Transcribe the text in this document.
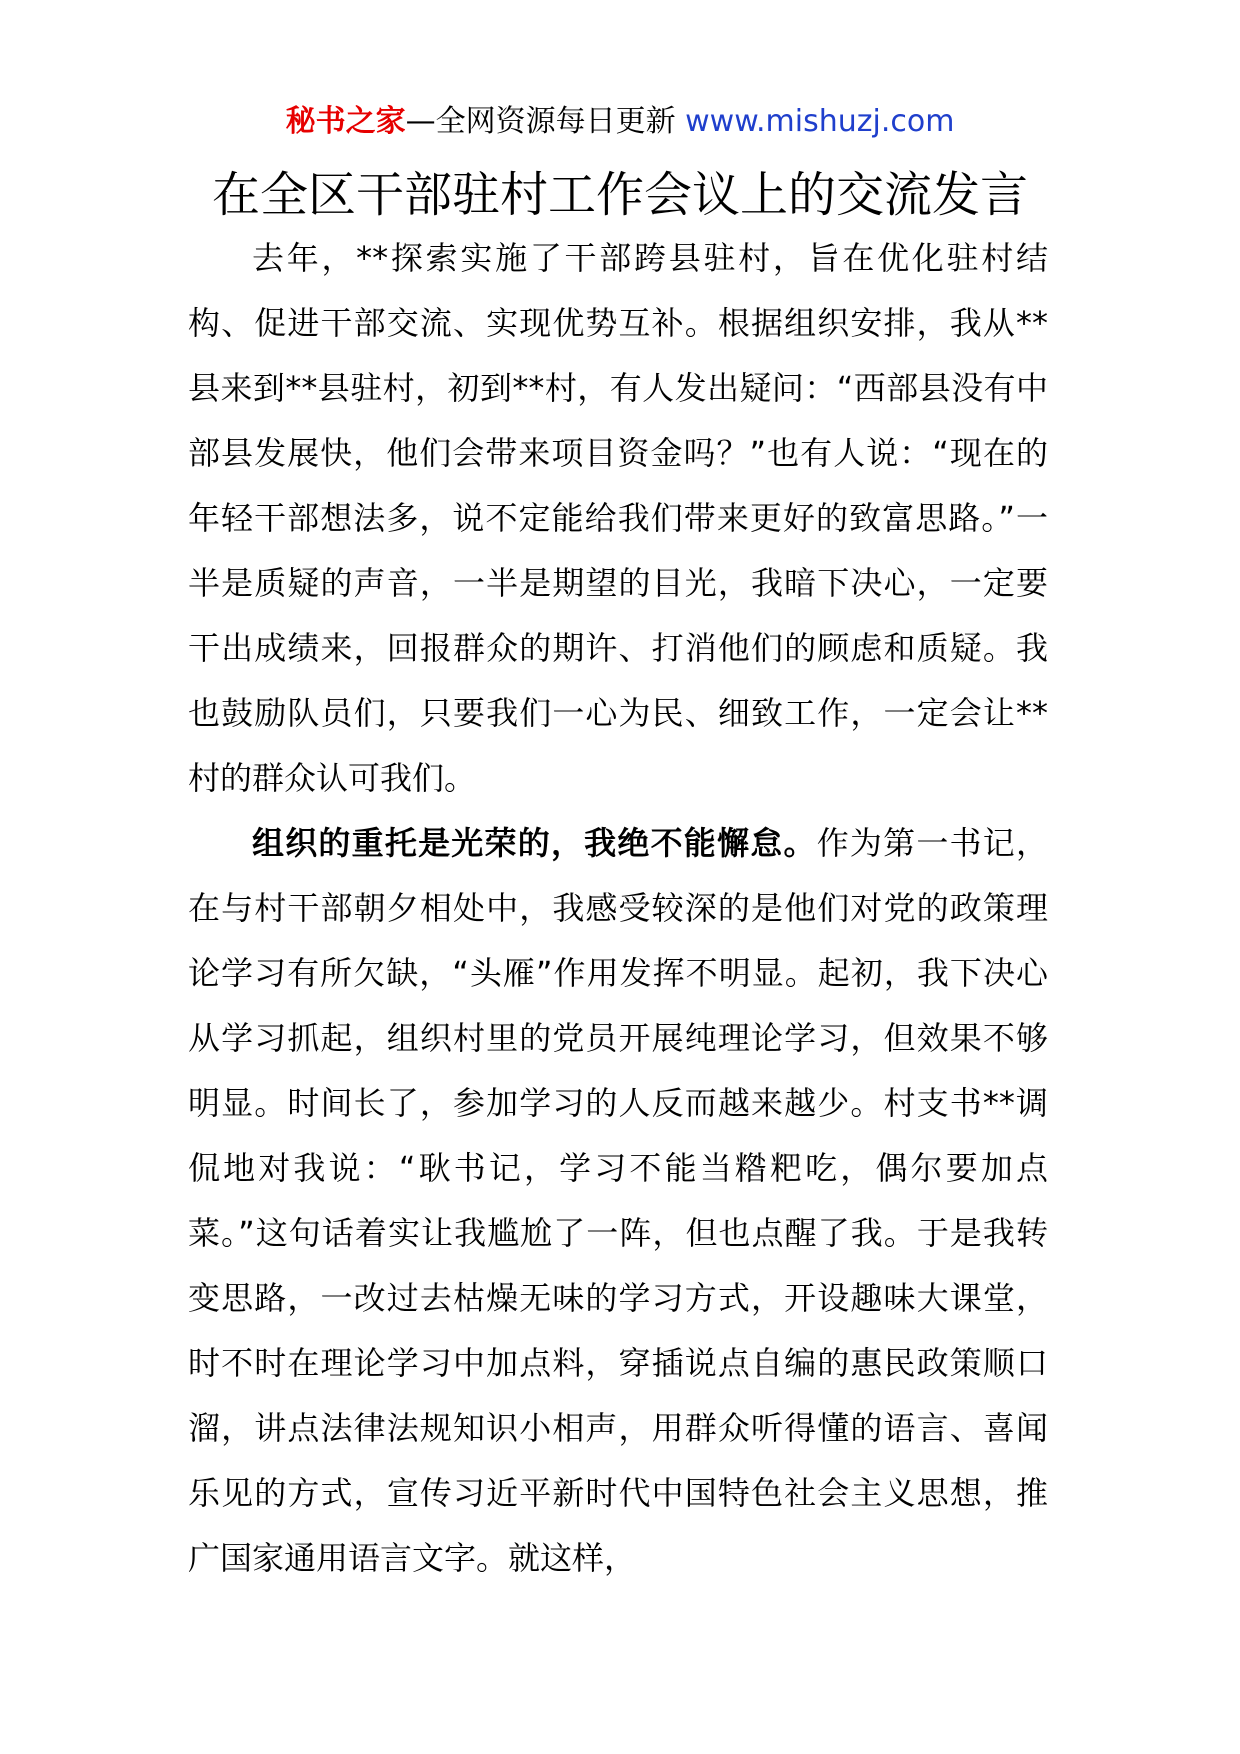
秘书之家—全网资源每日更新 www.mishuzj.com
在全区干部驻村工作会议上的交流发言

去年，**探索实施了干部跨县驻村，旨在优化驻村结构、促进干部交流、实现优势互补。根据组织安排，我从**县来到**县驻村，初到**村，有人发出疑问：“西部县没有中部县发展快，他们会带来项目资金吗？”也有人说：“现在的年轻干部想法多，说不定能给我们带来更好的致富思路。”一半是质疑的声音，一半是期望的目光，我暗下决心，一定要干出成绩来，回报群众的期许、打消他们的顾虑和质疑。我也鼓励队员们，只要我们一心为民、细致工作，一定会让**村的群众认可我们。

组织的重托是光荣的，我绝不能懈怠。作为第一书记，在与村干部朝夕相处中，我感受较深的是他们对党的政策理论学习有所欠缺，“头雁”作用发挥不明显。起初，我下决心从学习抓起，组织村里的党员开展纯理论学习，但效果不够明显。时间长了，参加学习的人反而越来越少。村支书**调侃地对我说：“耿书记，学习不能当糌粑吃，偶尔要加点菜。”这句话着实让我尴尬了一阵，但也点醒了我。于是我转变思路，一改过去枯燥无味的学习方式，开设趣味大课堂，时不时在理论学习中加点料，穿插说点自编的惠民政策顺口溜，讲点法律法规知识小相声，用群众听得懂的语言、喜闻乐见的方式，宣传习近平新时代中国特色社会主义思想，推广国家通用语言文字。就这样，
